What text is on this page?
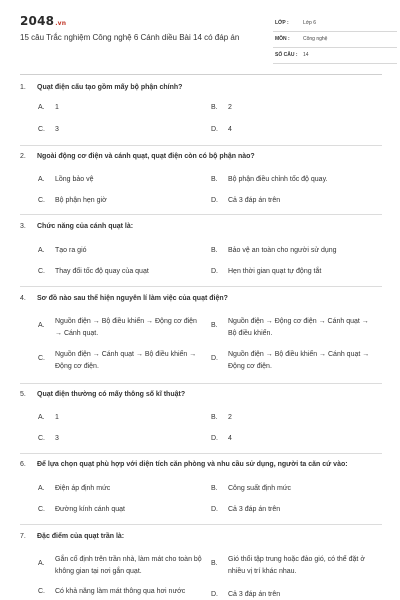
2048.vn
15 câu Trắc nghiệm Công nghệ 6 Cánh diều Bài 14 có đáp án
LỚP :	Lớp 6
MÔN :	Công nghệ
SỐ CÂU : 14
1. Quạt điện cấu tạo gồm mấy bộ phận chính?
A. 1	B. 2
C. 3	D. 4
2. Ngoài động cơ điện và cánh quạt, quạt điện còn có bộ phận nào?
A. Lồng bảo vệ	B. Bộ phận điều chỉnh tốc độ quay.
C. Bộ phận hẹn giờ	D. Cả 3 đáp án trên
3. Chức năng của cánh quạt là:
A. Tạo ra gió	B. Bảo vệ an toàn cho người sử dụng
C. Thay đổi tốc độ quay của quạt	D. Hẹn thời gian quạt tự động tắt
4. Sơ đồ nào sau thể hiện nguyên lí làm việc của quạt điện?
A.
Nguồn điện → Bộ điều khiển → Động cơ điện → Cánh quạt.
B.
Nguồn điện → Động cơ điện → Cánh quạt → Bộ điều khiển.
C.
Nguồn điện → Cánh quạt → Bộ điều khiển → Động cơ điện.
D.
Nguồn điện → Bộ điều khiển → Cánh quạt → Động cơ điện.
5. Quạt điện thường có mấy thông số kĩ thuật?
A. 1	B. 2
C. 3	D. 4
6. Để lựa chọn quạt phù hợp với diện tích căn phòng và nhu cầu sử dụng, người ta căn cứ vào:
A. Điện áp định mức	B. Công suất định mức
C. Đường kính cánh quạt	D. Cả 3 đáp án trên
7. Đặc điểm của quạt trần là:
A.
Gắn cố định trên trần nhà, làm mát cho toàn bộ không gian tại nơi gắn quạt.
B.
Gió thổi tập trung hoặc đảo gió, có thể đặt ở nhiều vị trí khác nhau.
C. Có khả năng làm mát thông qua hơi nước	D. Cả 3 đáp án trên
